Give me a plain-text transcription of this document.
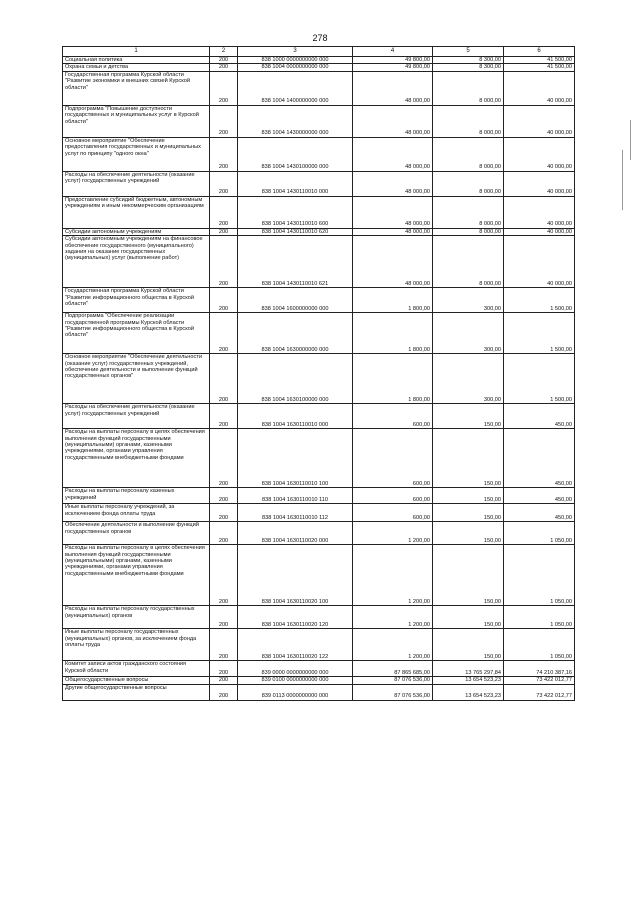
278
1	2	3	4	5	6
Социальная политика	200	838 1000 0000000000 000	49 800,00	8 300,00	41 500,00
Охрана семьи и детства	200	838 1004 0000000000 000	49 800,00	8 300,00	41 500,00
Государственная программа Курской области "Развитие экономики и внешних связей Курской области"	200	838 1004 1400000000 000	48 000,00	8 000,00	40 000,00
Подпрограмма "Повышение доступности государственных и муниципальных услуг в Курской области"	200	838 1004 1430000000 000	48 000,00	8 000,00	40 000,00
Основное мероприятие "Обеспечение предоставления государственных и муниципальных услуг по принципу "одного окна"	200	838 1004 1430100000 000	48 000,00	8 000,00	40 000,00
Расходы на обеспечение деятельности (оказание услуг) государственных учреждений	200	838 1004 1430110010 000	48 000,00	8 000,00	40 000,00
Предоставление субсидий бюджетным, автономным учреждениям и иным некоммерческим организациям	200	838 1004 1430110010 600	48 000,00	8 000,00	40 000,00
Субсидии автономным учреждениям	200	838 1004 1430110010 620	48 000,00	8 000,00	40 000,00
Субсидии автономным учреждениям на финансовое обеспечение государственного (муниципального) задания на оказание государственных (муниципальных) услуг (выполнение работ)	200	838 1004 1430110010 621	48 000,00	8 000,00	40 000,00
Государственная программа Курской области "Развитие информационного общества в Курской области"	200	838 1004 1600000000 000	1 800,00	300,00	1 500,00
Подпрограмма "Обеспечение реализации государственной программы Курской области "Развитие информационного общества в Курской области"	200	838 1004 1630000000 000	1 800,00	300,00	1 500,00
Основное мероприятие "Обеспечение деятельности (оказание услуг) государственных учреждений, обеспечение деятельности и выполнение функций государственных органов"	200	838 1004 1630100000 000	1 800,00	300,00	1 500,00
Расходы на обеспечение деятельности (оказание услуг) государственных учреждений	200	838 1004 1630110010 000	600,00	150,00	450,00
Расходы на выплаты персоналу в целях обеспечения выполнения функций государственными (муниципальными) органами, казенными учреждениями, органами управления государственными внебюджетными фондами	200	838 1004 1630110010 100	600,00	150,00	450,00
Расходы на выплаты персоналу казенных учреждений	200	838 1004 1630110010 110	600,00	150,00	450,00
Иные выплаты персоналу учреждений, за исключением фонда оплаты труда	200	838 1004 1630110010 112	600,00	150,00	450,00
Обеспечение деятельности и выполнение функций государственных органов	200	838 1004 1630110020 000	1 200,00	150,00	1 050,00
Расходы на выплаты персоналу в целях обеспечения выполнения функций государственными (муниципальными) органами, казенными учреждениями, органами управления государственными внебюджетными фондами	200	838 1004 1630110020 100	1 200,00	150,00	1 050,00
Расходы на выплаты персоналу государственных (муниципальных) органов	200	838 1004 1630110020 120	1 200,00	150,00	1 050,00
Иные выплаты персоналу государственных (муниципальных) органов, за исключением фонда оплаты труда	200	838 1004 1630110020 122	1 200,00	150,00	1 050,00
Комитет записи актов гражданского состояния Курской области	200	839 0000 0000000000 000	87 865 685,00	13 765 297,84	74 210 387,16
Общегосударственные вопросы	200	839 0100 0000000000 000	87 076 536,00	13 654 523,23	73 422 012,77
Другие общегосударственные вопросы	200	839 0113 0000000000 000	87 076 536,00	13 654 523,23	73 422 012,77
